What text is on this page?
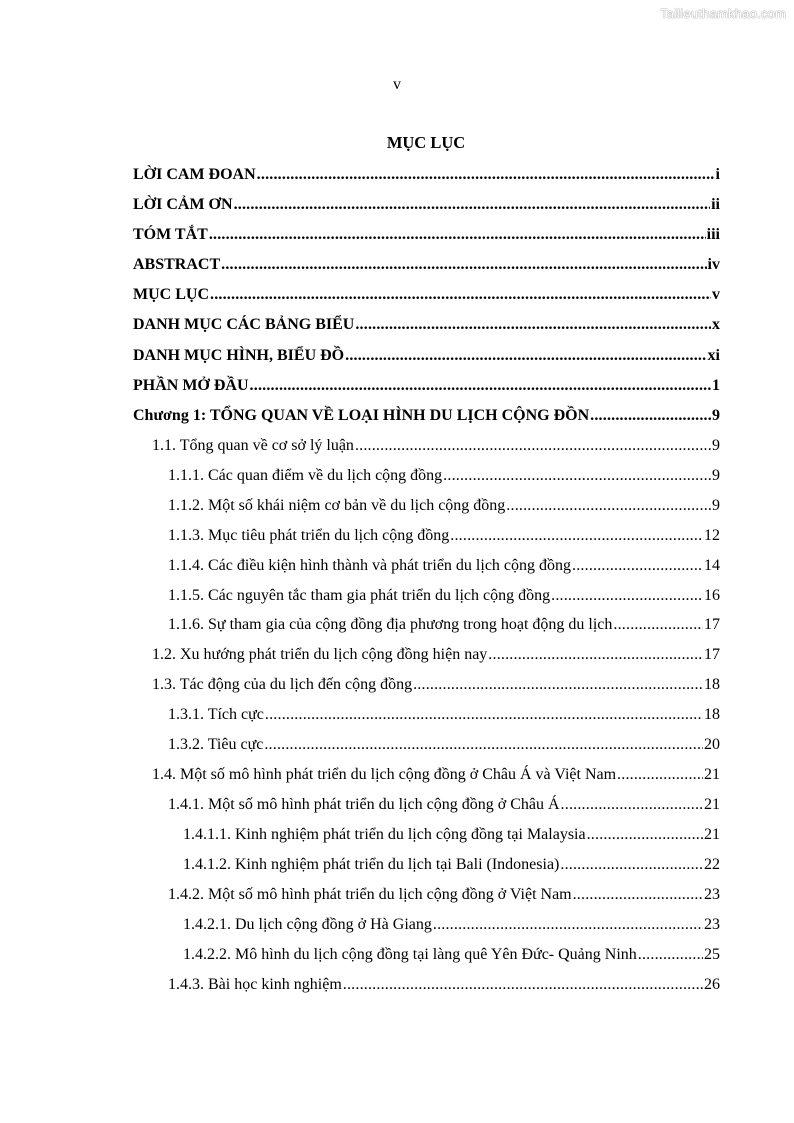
Tailieuthamkhao.com
v
MỤC LỤC
LỜI CAM ĐOAN .....	i
LỜI CẢM ƠN .....	ii
TÓM TẮT .....	iii
ABSTRACT .....	iv
MỤC LỤC .....	v
DANH MỤC CÁC BẢNG BIỂU .....	x
DANH MỤC HÌNH, BIỂU ĐỒ .....	xi
PHẦN MỞ ĐẦU .....	1
Chương 1: TỔNG QUAN VỀ LOẠI HÌNH DU LỊCH CỘNG ĐỒN .....	9
1.1. Tổng quan về cơ sở lý luận .....	9
1.1.1. Các quan điểm về du lịch cộng đồng .....	9
1.1.2. Một số khái niệm cơ bản về du lịch cộng đồng .....	9
1.1.3. Mục tiêu phát triển du lịch cộng đồng .....	12
1.1.4. Các điều kiện hình thành và phát triển du lịch cộng đồng .....	14
1.1.5. Các nguyên tắc tham gia phát triển du lịch cộng đồng .....	16
1.1.6. Sự tham gia của cộng đồng địa phương trong hoạt động du lịch .....	17
1.2. Xu hướng phát triển du lịch cộng đồng hiện nay .....	17
1.3. Tác động của du lịch đến cộng đồng .....	18
1.3.1. Tích cực .....	18
1.3.2. Tiêu cực .....	20
1.4. Một số mô hình phát triển du lịch cộng đồng ở Châu Á và Việt Nam .....	21
1.4.1. Một số mô hình phát triển du lịch cộng đồng ở Châu Á .....	21
1.4.1.1. Kinh nghiệm phát triển du lịch cộng đồng tại Malaysia .....	21
1.4.1.2. Kinh nghiệm phát triển du lịch tại Bali (Indonesia) .....	22
1.4.2. Một số mô hình phát triển du lịch cộng đồng ở Việt Nam .....	23
1.4.2.1. Du lịch cộng đồng ở Hà Giang .....	23
1.4.2.2. Mô hình du lịch cộng đồng tại làng quê Yên Đức- Quảng Ninh .....	25
1.4.3. Bài học kinh nghiệm .....	26
